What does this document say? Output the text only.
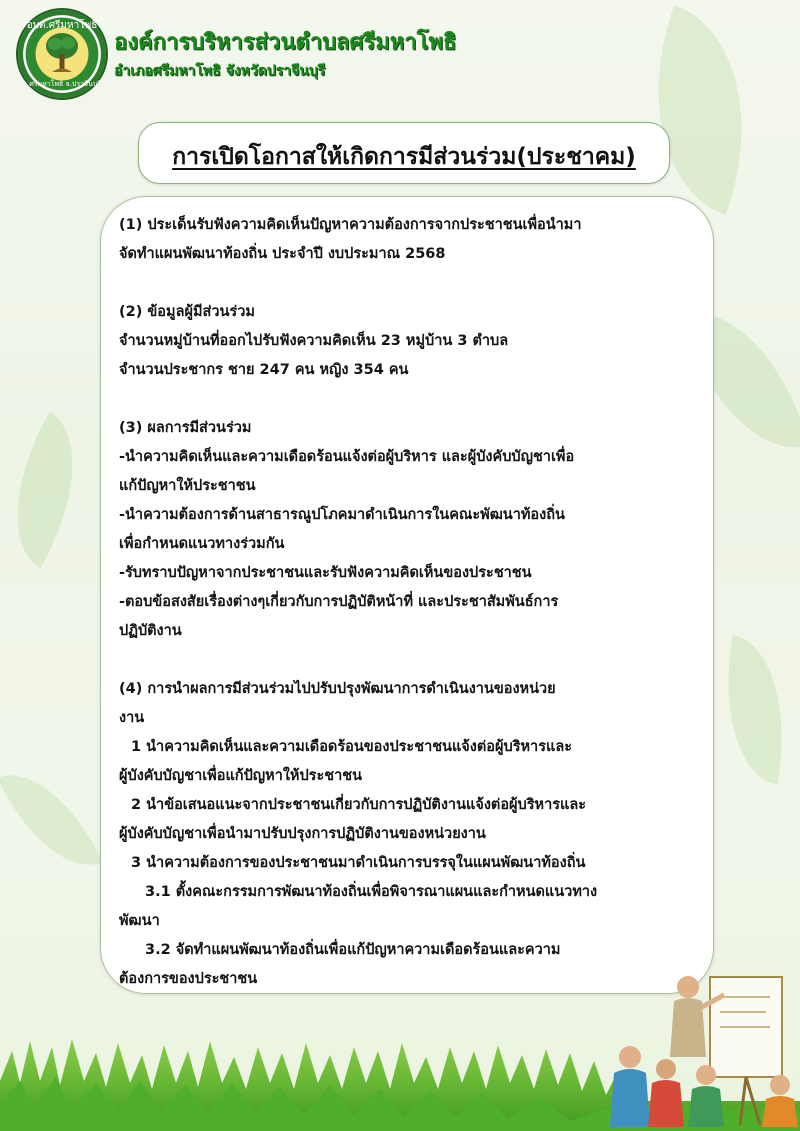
อบต.ศรีมหาโพธิ
อ.ศรีมหาโพธิ จ.ปราจีนบุรี
องค์การบริหารส่วนตำบลศรีมหาโพธิ
อำเภอศรีมหาโพธิ จังหวัดปราจีนบุรี
การเปิดโอกาสให้เกิดการมีส่วนร่วม(ประชาคม)
(1) ประเด็นรับฟังความคิดเห็นปัญหาความต้องการจากประชาชนเพื่อนำมา
จัดทำแผนพัฒนาท้องถิ่น ประจำปี งบประมาณ 2568
(2) ข้อมูลผู้มีส่วนร่วม
จำนวนหมู่บ้านที่ออกไปรับฟังความคิดเห็น 23 หมู่บ้าน 3 ตำบล
จำนวนประชากร ชาย 247 คน หญิง 354 คน
(3) ผลการมีส่วนร่วม
-นำความคิดเห็นและความเดือดร้อนแจ้งต่อผู้บริหาร และผู้บังคับบัญชาเพื่อ
แก้ปัญหาให้ประชาชน
-นำความต้องการด้านสาธารณูปโภคมาดำเนินการในคณะพัฒนาท้องถิ่น
เพื่อกำหนดแนวทางร่วมกัน
-รับทราบปัญหาจากประชาชนและรับฟังความคิดเห็นของประชาชน
-ตอบข้อสงสัยเรื่องต่างๆเกี่ยวกับการปฏิบัติหน้าที่ และประชาสัมพันธ์การ
ปฏิบัติงาน
(4) การนำผลการมีส่วนร่วมไปปรับปรุงพัฒนาการดำเนินงานของหน่วย
งาน
1 นำความคิดเห็นและความเดือดร้อนของประชาชนแจ้งต่อผู้บริหารและ
ผู้บังคับบัญชาเพื่อแก้ปัญหาให้ประชาชน
2 นำข้อเสนอแนะจากประชาชนเกี่ยวกับการปฏิบัติงานแจ้งต่อผู้บริหารและ
ผู้บังคับบัญชาเพื่อนำมาปรับปรุงการปฏิบัติงานของหน่วยงาน
3 นำความต้องการของประชาชนมาดำเนินการบรรจุในแผนพัฒนาท้องถิ่น
3.1 ตั้งคณะกรรมการพัฒนาท้องถิ่นเพื่อพิจารณาแผนและกำหนดแนวทาง
พัฒนา
3.2 จัดทำแผนพัฒนาท้องถิ่นเพื่อแก้ปัญหาความเดือดร้อนและความ
ต้องการของประชาชน
